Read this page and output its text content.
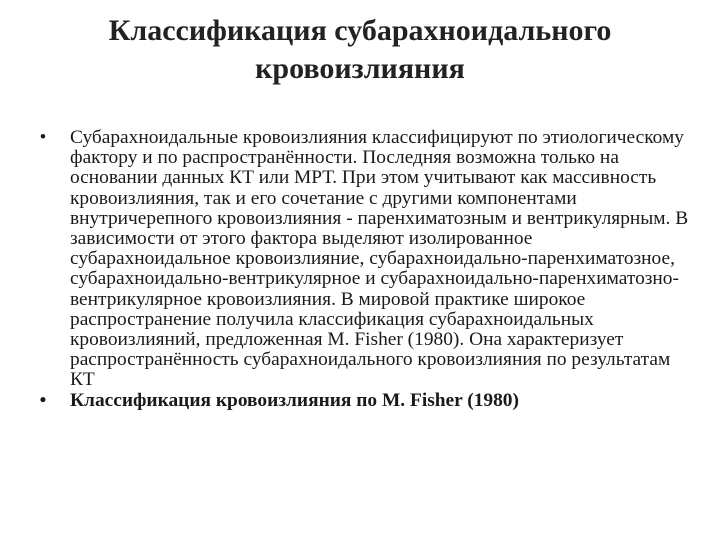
Классификация субарахноидального кровоизлияния
• Субарахноидальные кровоизлияния классифицируют по этиологическому фактору и по распространённости. Последняя возможна только на основании данных КТ или МРТ. При этом учитывают как массивность кровоизлияния, так и его сочетание с другими компонентами внутричерепного кровоизлияния - паренхиматозным и вентрикулярным. В зависимости от этого фактора выделяют изолированное субарахноидальное кровоизлияние, субарахноидально-паренхиматозное, субарахноидально-вентрикулярное и субарахноидально-паренхиматозно-вентрикулярное кровоизлияния. В мировой практике широкое распространение получила классификация субарахноидальных кровоизлияний, предложенная M. Fisher (1980). Она характеризует распространённость субарахноидального кровоизлияния по результатам КТ
• Классификация кровоизлияния по M. Fisher (1980)
